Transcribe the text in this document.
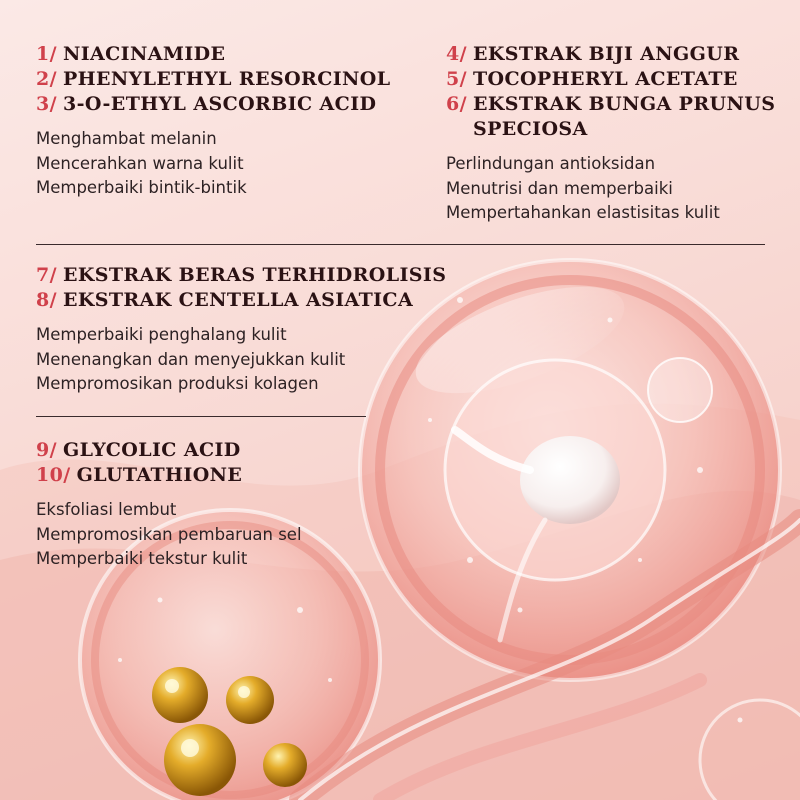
1/ NIACINAMIDE
2/ PHENYLETHYL RESORCINOL
3/ 3-O-ETHYL ASCORBIC ACID
Menghambat melanin
Mencerahkan warna kulit
Memperbaiki bintik-bintik
4/ EKSTRAK BIJI ANGGUR
5/ TOCOPHERYL ACETATE
6/ EKSTRAK BUNGA PRUNUS SPECIOSA
Perlindungan antioksidan
Menutrisi dan memperbaiki
Mempertahankan elastisitas kulit
7/ EKSTRAK BERAS TERHIDROLISIS
8/ EKSTRAK CENTELLA ASIATICA
Memperbaiki penghalang kulit
Menenangkan dan menyejukkan kulit
Mempromosikan produksi kolagen
9/ GLYCOLIC ACID
10/ GLUTATHIONE
Eksfoliasi lembut
Mempromosikan pembaruan sel
Memperbaiki tekstur kulit
